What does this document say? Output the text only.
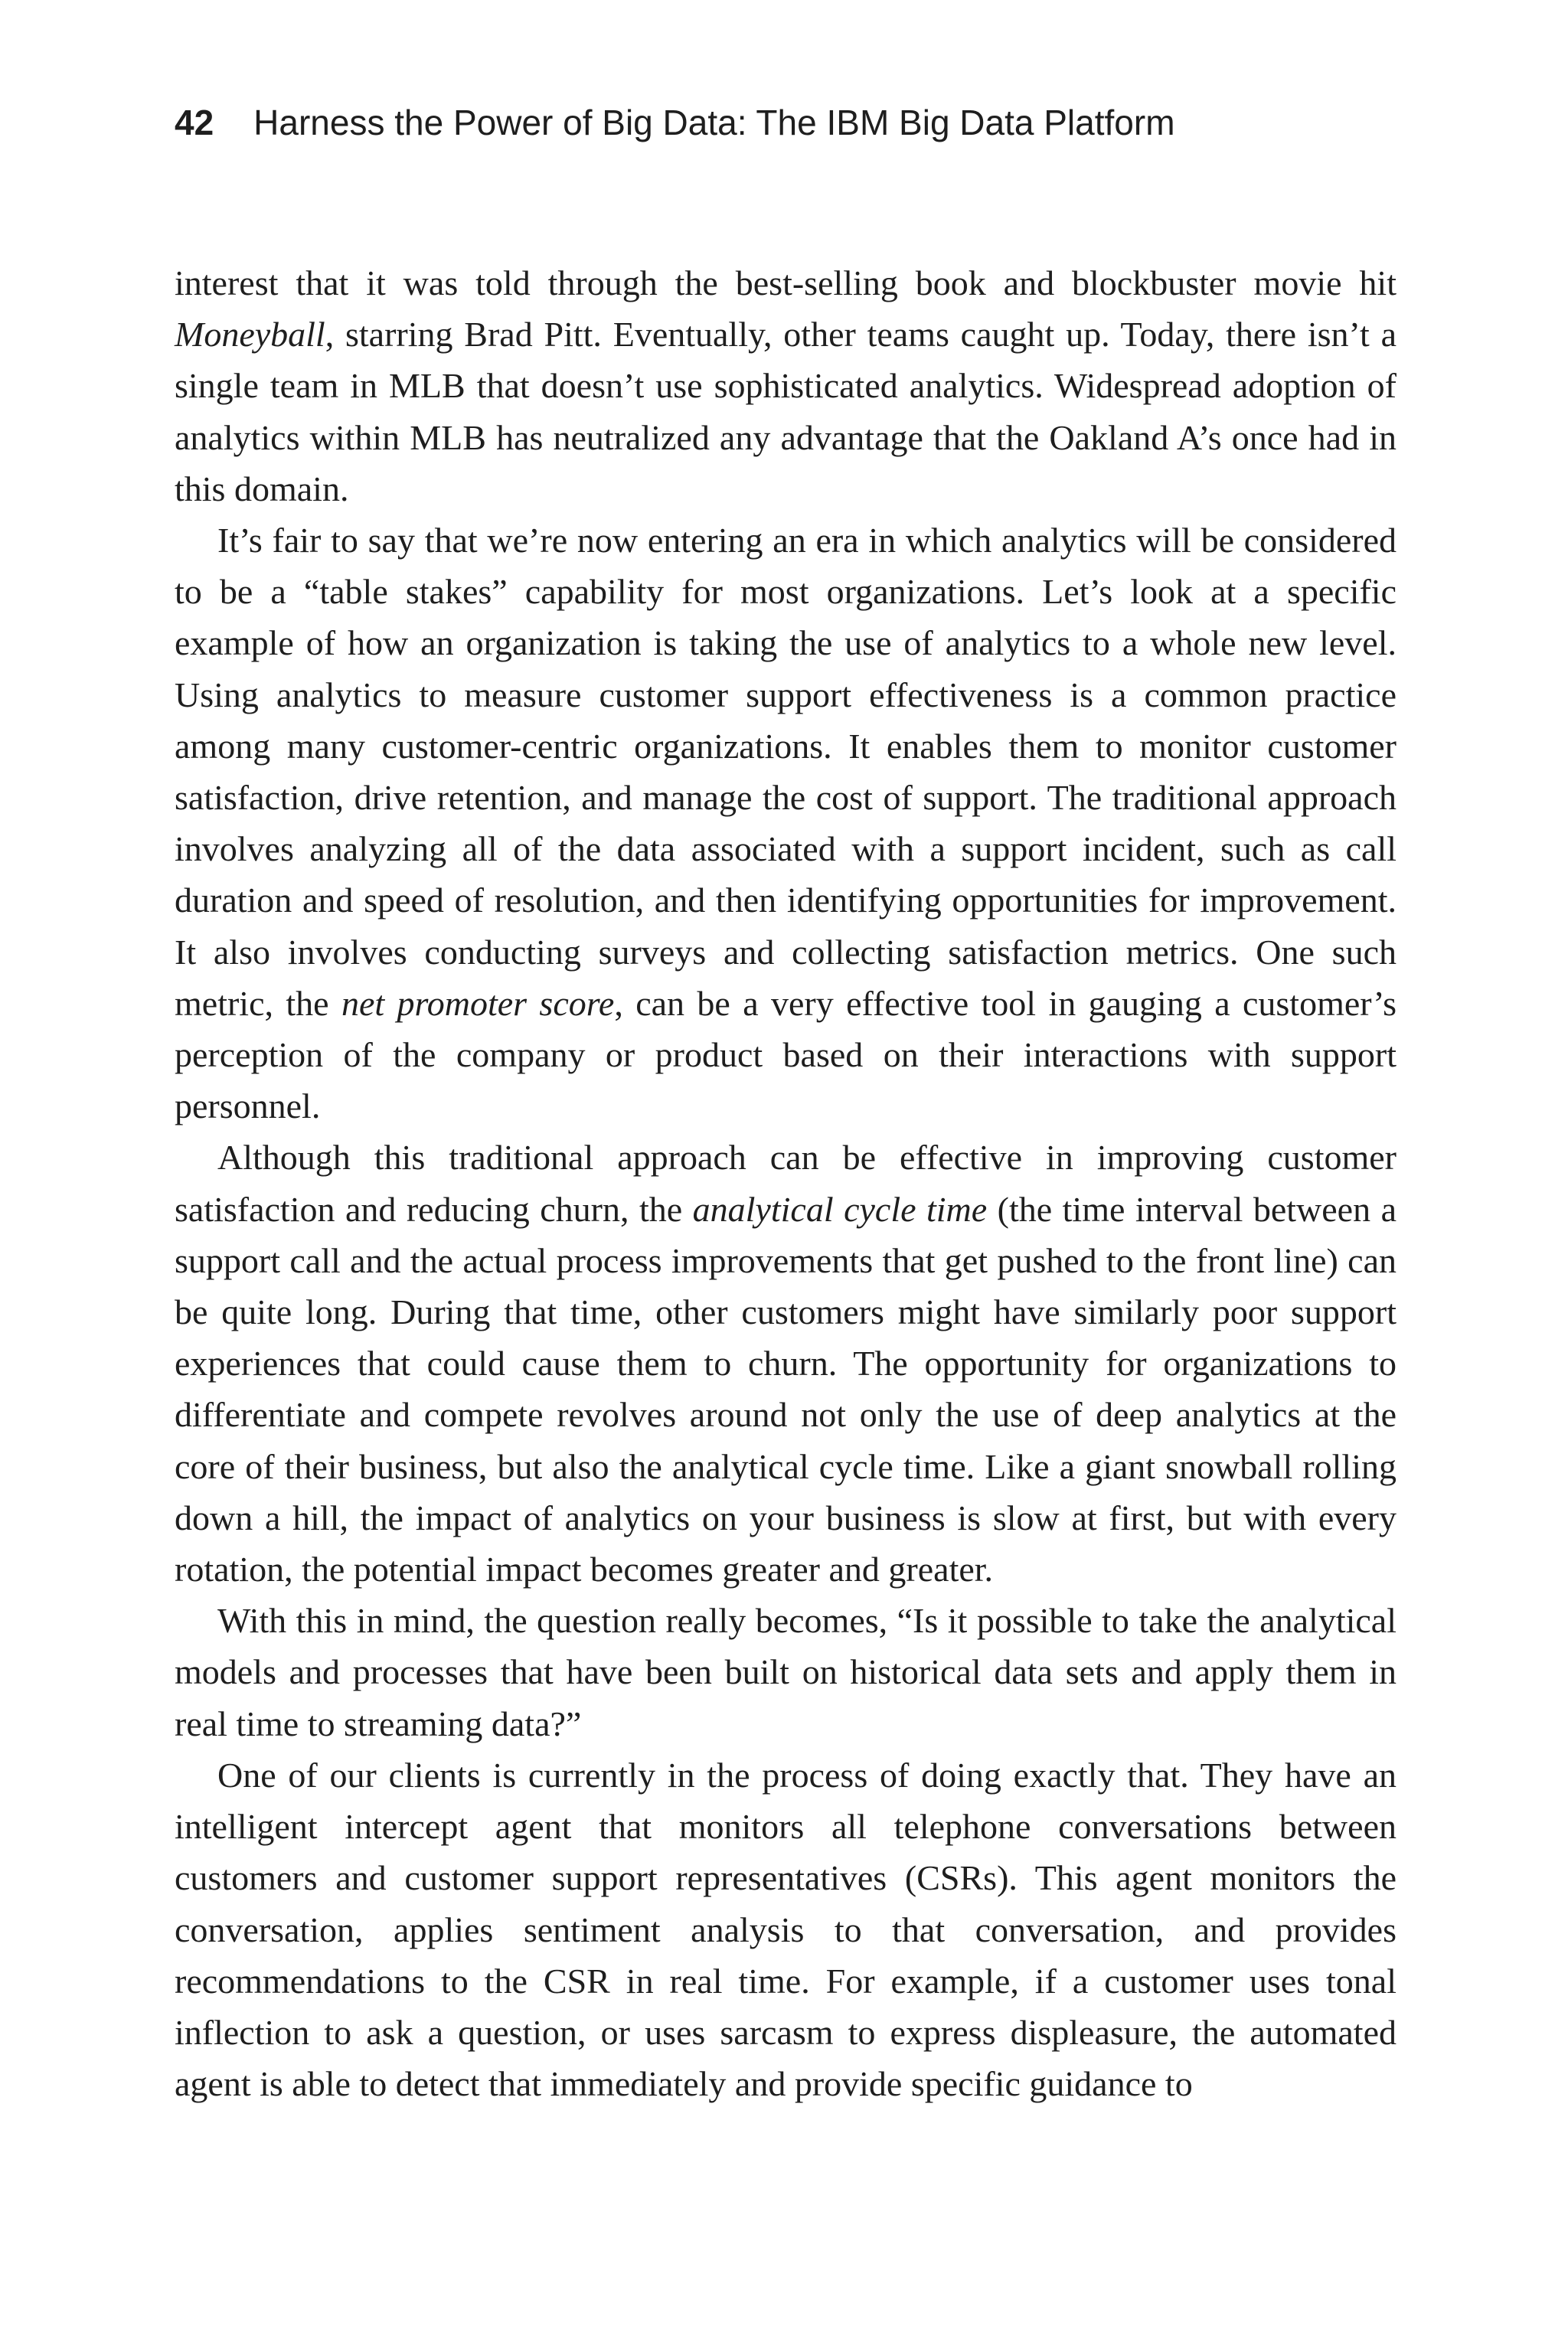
42 Harness the Power of Big Data: The IBM Big Data Platform

interest that it was told through the best-selling book and blockbuster movie hit Moneyball, starring Brad Pitt. Eventually, other teams caught up. Today, there isn’t a single team in MLB that doesn’t use sophisticated analytics. Widespread adoption of analytics within MLB has neutralized any advantage that the Oakland A’s once had in this domain.

It’s fair to say that we’re now entering an era in which analytics will be considered to be a “table stakes” capability for most organizations. Let’s look at a specific example of how an organization is taking the use of analytics to a whole new level. Using analytics to measure customer support effectiveness is a common practice among many customer-centric organizations. It enables them to monitor customer satisfaction, drive retention, and manage the cost of support. The traditional approach involves analyzing all of the data associated with a support incident, such as call duration and speed of resolution, and then identifying opportunities for improvement. It also involves conducting surveys and collecting satisfaction metrics. One such metric, the net promoter score, can be a very effective tool in gauging a customer’s perception of the company or product based on their interactions with support personnel.

Although this traditional approach can be effective in improving customer satisfaction and reducing churn, the analytical cycle time (the time interval between a support call and the actual process improvements that get pushed to the front line) can be quite long. During that time, other customers might have similarly poor support experiences that could cause them to churn. The opportunity for organizations to differentiate and compete revolves around not only the use of deep analytics at the core of their business, but also the analytical cycle time. Like a giant snowball rolling down a hill, the impact of analytics on your business is slow at first, but with every rotation, the potential impact becomes greater and greater.

With this in mind, the question really becomes, “Is it possible to take the analytical models and processes that have been built on historical data sets and apply them in real time to streaming data?”

One of our clients is currently in the process of doing exactly that. They have an intelligent intercept agent that monitors all telephone conversations between customers and customer support representatives (CSRs). This agent monitors the conversation, applies sentiment analysis to that conversation, and provides recommendations to the CSR in real time. For example, if a customer uses tonal inflection to ask a question, or uses sarcasm to express displeasure, the automated agent is able to detect that immediately and provide specific guidance to
